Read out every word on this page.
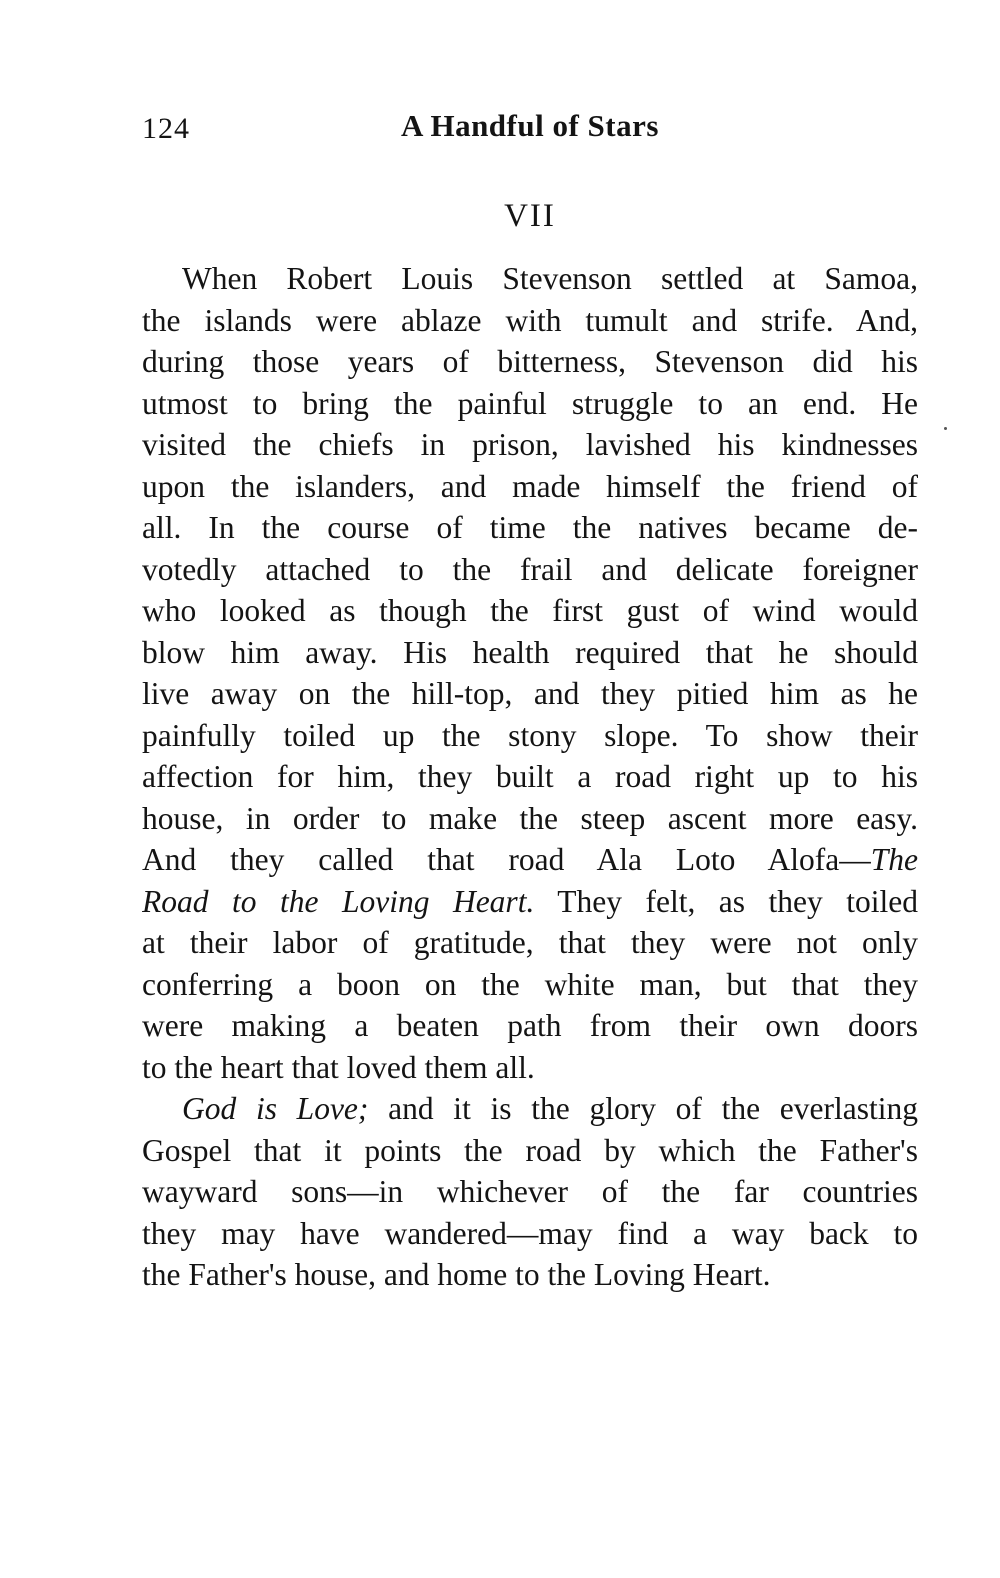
124	A Handful of Stars
VII
When Robert Louis Stevenson settled at Samoa,
the islands were ablaze with tumult and strife. And,
during those years of bitterness, Stevenson did his
utmost to bring the painful struggle to an end. He
visited the chiefs in prison, lavished his kindnesses
upon the islanders, and made himself the friend of
all. In the course of time the natives became de-
votedly attached to the frail and delicate foreigner
who looked as though the first gust of wind would
blow him away. His health required that he should
live away on the hill-top, and they pitied him as he
painfully toiled up the stony slope. To show their
affection for him, they built a road right up to his
house, in order to make the steep ascent more easy.
And they called that road Ala Loto Alofa—The
Road to the Loving Heart. They felt, as they toiled
at their labor of gratitude, that they were not only
conferring a boon on the white man, but that they
were making a beaten path from their own doors
to the heart that loved them all.
God is Love; and it is the glory of the everlasting
Gospel that it points the road by which the Father's
wayward sons—in whichever of the far countries
they may have wandered—may find a way back to
the Father's house, and home to the Loving Heart.
